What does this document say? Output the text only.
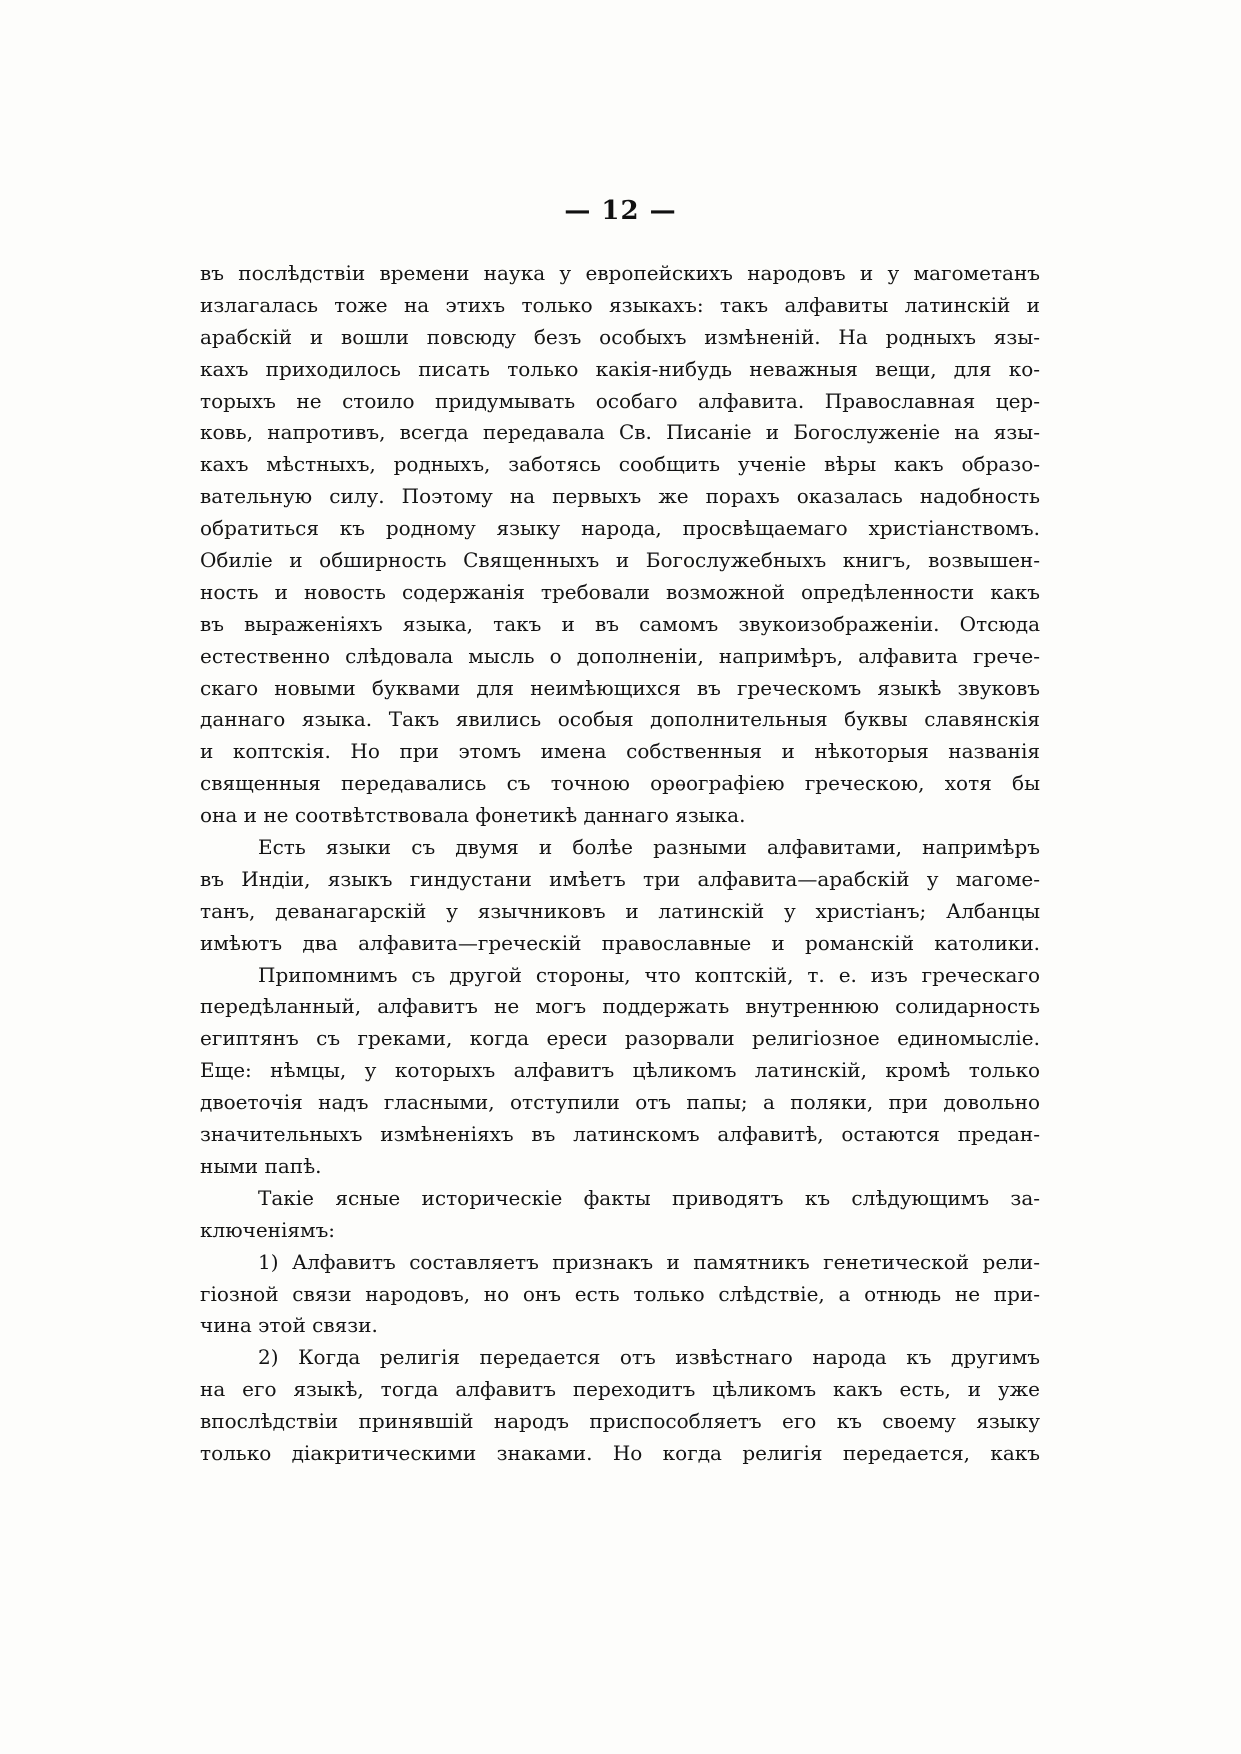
— 12 —
въ послѣдствіи времени наука у европейскихъ народовъ и у магометанъ
излагалась тоже на этихъ только языкахъ: такъ алфавиты латинскій и
арабскій и вошли повсюду безъ особыхъ измѣненій. На родныхъ язы-
кахъ приходилось писать только какія-нибудь неважныя вещи, для ко-
торыхъ не стоило придумывать особаго алфавита. Православная цер-
ковь, напротивъ, всегда передавала Св. Писаніе и Богослуженіе на язы-
кахъ мѣстныхъ, родныхъ, заботясь сообщить ученіе вѣры какъ образо-
вательную силу. Поэтому на первыхъ же порахъ оказалась надобность
обратиться къ родному языку народа, просвѣщаемаго христіанствомъ.
Обиліе и обширность Священныхъ и Богослужебныхъ книгъ, возвышен-
ность и новость содержанія требовали возможной опредѣленности какъ
въ выраженіяхъ языка, такъ и въ самомъ звукоизображеніи. Отсюда
естественно слѣдовала мысль о дополненіи, напримѣръ, алфавита грече-
скаго новыми буквами для неимѣющихся въ греческомъ языкѣ звуковъ
даннаго языка. Такъ явились особыя дополнительныя буквы славянскія
и коптскія. Но при этомъ имена собственныя и нѣкоторыя названія
священныя передавались съ точною орѳографіею греческою, хотя бы
она и не соотвѣтствовала фонетикѣ даннаго языка.
Есть языки съ двумя и болѣе разными алфавитами, напримѣръ
въ Индіи, языкъ гиндустани имѣетъ три алфавита—арабскій у магоме-
танъ, деванагарскій у язычниковъ и латинскій у христіанъ; Албанцы
имѣютъ два алфавита—греческій православные и романскій католики.
Припомнимъ съ другой стороны, что коптскій, т. е. изъ греческаго
передѣланный, алфавитъ не могъ поддержать внутреннюю солидарность
египтянъ съ греками, когда ереси разорвали религіозное единомысліе.
Еще: нѣмцы, у которыхъ алфавитъ цѣликомъ латинскій, кромѣ только
двоеточія надъ гласными, отступили отъ папы; а поляки, при довольно
значительныхъ измѣненіяхъ въ латинскомъ алфавитѣ, остаются предан-
ными папѣ.
Такіе ясные историческіе факты приводятъ къ слѣдующимъ за-
ключеніямъ:
1) Алфавитъ составляетъ признакъ и памятникъ генетической рели-
гіозной связи народовъ, но онъ есть только слѣдствіе, а отнюдь не при-
чина этой связи.
2) Когда религія передается отъ извѣстнаго народа къ другимъ
на его языкѣ, тогда алфавитъ переходитъ цѣликомъ какъ есть, и уже
впослѣдствіи принявшій народъ приспособляетъ его къ своему языку
только діакритическими знаками. Но когда религія передается, какъ
